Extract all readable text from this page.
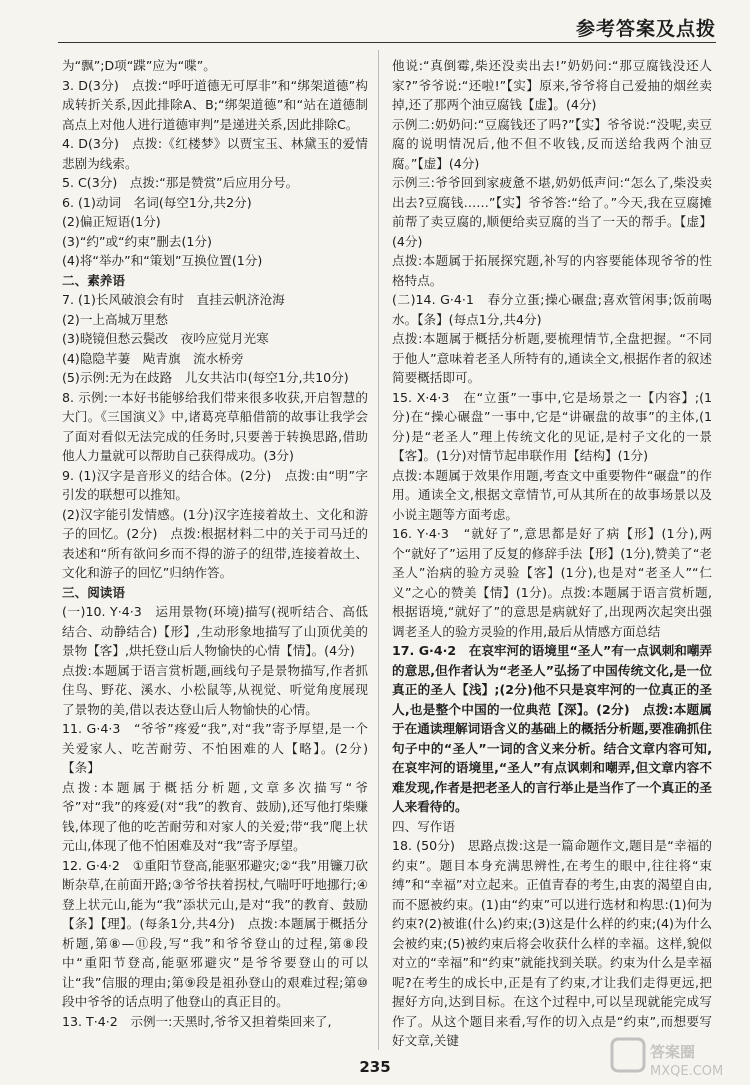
参考答案及点拨

为“飘”;D项“蹀”应为“喋”。

3. D(3分)　点拨:“呼吁道德无可厚非”和“绑架道德”构成转折关系,因此排除A、B;“绑架道德”和“站在道德制高点上对他人进行道德审判”是递进关系,因此排除C。

4. D(3分)　点拨:《红楼梦》以贾宝玉、林黛玉的爱情悲剧为线索。

5. C(3分)　点拨:“那是赞赏”后应用分号。

6. (1)动词　名词(每空1分,共2分)

(2)偏正短语(1分)

(3)“约”或“约束”删去(1分)

(4)将“举办”和“策划”互换位置(1分)

二、素养语

7. (1)长风破浪会有时　直挂云帆济沧海

(2)一上高城万里愁

(3)晓镜但愁云鬓改　夜吟应觉月光寒

(4)隐隐芊萋　飐青旗　流水桥旁

(5)示例:无为在歧路　儿女共沾巾(每空1分,共10分)

8. 示例:一本好书能够给我们带来很多收获,开启智慧的大门。《三国演义》中,诸葛亮草船借箭的故事让我学会了面对看似无法完成的任务时,只要善于转换思路,借助他人力量就可以帮助自己获得成功。(3分)

9. (1)汉字是音形义的结合体。(2分)　点拨:由“明”字引发的联想可以推知。

(2)汉字能引发情感。(1分)汉字连接着故土、文化和游子的回忆。(2分)　点拨:根据材料二中的关于司马迁的表述和“所有欲问乡而不得的游子的纽带,连接着故土、文化和游子的回忆”归纳作答。

三、阅读语

(一)10. Y·4·3　运用景物(环境)描写(视听结合、高低结合、动静结合)【形】,生动形象地描写了山顶优美的景物【客】,烘托登山后人物愉快的心情【情】。(4分)

点拨:本题属于语言赏析题,画线句子是景物描写,作者抓住鸟、野花、溪水、小松鼠等,从视觉、听觉角度展现了景物的美,借以表达登山后人物愉快的心情。

11. G·4·3　“爷爷”疼爱“我”,对“我”寄予厚望,是一个关爱家人、吃苦耐劳、不怕困难的人【略】。(2分)【条】

点拨:本题属于概括分析题,文章多次描写“爷爷”对“我”的疼爱(对“我”的教育、鼓励),还写他打柴赚钱,体现了他的吃苦耐劳和对家人的关爱;带“我”爬上状元山,体现了他不怕困难及对“我”寄予厚望。

12. G·4·2　①重阳节登高,能驱邪避灾;②“我”用镰刀砍断杂草,在前面开路;③爷爷扶着拐杖,气喘吁吁地挪行;④登上状元山,能为“我”添状元山,是对“我”的教育、鼓励【条】【理】。(每条1分,共4分)　点拨:本题属于概括分析题,第⑧—⑪段,写“我”和爷爷登山的过程,第⑧段中“重阳节登高,能驱邪避灾”是爷爷要登山的可以让“我”信服的理由;第⑨段是祖孙登山的艰难过程;第⑩段中爷爷的话点明了他登山的真正目的。

13. T·4·2　示例一:天黑时,爷爷又担着柴回来了,

他说:“真倒霉,柴还没卖出去!”奶奶问:“那豆腐钱没还人家?”爷爷说:“还啦!”【实】原来,爷爷将自己爱抽的烟丝卖掉,还了那两个油豆腐钱【虚】。(4分)

示例二:奶奶问:“豆腐钱还了吗?”【实】爷爷说:“没呢,卖豆腐的说明情况后,他不但不收钱,反而送给我两个油豆腐。”【虚】(4分)

示例三:爷爷回到家疲惫不堪,奶奶低声问:“怎么了,柴没卖出去?豆腐钱……”【实】爷爷答:“给了。”今天,我在豆腐摊前帮了卖豆腐的,顺便给卖豆腐的当了一天的帮手。【虚】(4分)

点拨:本题属于拓展探究题,补写的内容要能体现爷爷的性格特点。

(二)14. G·4·1　春分立蛋;操心碾盘;喜欢管闲事;饭前喝水。【条】(每点1分,共4分)

点拨:本题属于概括分析题,要梳理情节,全盘把握。“不同于他人”意味着老圣人所特有的,通读全文,根据作者的叙述简要概括即可。

15. X·4·3　在“立蛋”一事中,它是场景之一【内容】;(1分)在“操心碾盘”一事中,它是“讲碾盘的故事”的主体,(1分)是“老圣人”理上传统文化的见证,是村子文化的一景【客】。(1分)对情节起串联作用【结构】(1分)

点拨:本题属于效果作用题,考查文中重要物件“碾盘”的作用。通读全文,根据文章情节,可从其所在的故事场景以及小说主题等方面考虑。

16. Y·4·3　“就好了”,意思都是好了病【形】(1分),两个“就好了”运用了反复的修辞手法【形】(1分),赞美了“老圣人”治病的验方灵验【客】(1分),也是对“老圣人”“仁义”之心的赞美【情】(1分)。点拨:本题属于语言赏析题,根据语境,“就好了”的意思是病就好了,出现两次起突出强调老圣人的验方灵验的作用,最后从情感方面总结

17. G·4·2　在哀牢河的语境里“圣人”有一点讽刺和嘲弄的意思,但作者认为“老圣人”弘扬了中国传统文化,是一位真正的圣人【浅】;(2分)他不只是哀牢河的一位真正的圣人,也是整个中国的一位典范【深】。(2分)　点拨:本题属于在通读理解词语含义的基础上的概括分析题,要准确抓住句子中的“圣人”一词的含义来分析。结合文章内容可知,在哀牢河的语境里,“圣人”有点讽刺和嘲弄,但文章内容不难发现,作者是把老圣人的言行举止是当作了一个真正的圣人来看待的。

四、写作语

18. (50分)　思路点拨:这是一篇命题作文,题目是“幸福的约束”。题目本身充满思辨性,在考生的眼中,往往将“束缚”和“幸福”对立起来。正值青春的考生,由衷的渴望自由,而不愿被约束。(1)由“约束”可以进行选材和构思:(1)何为约束?(2)被谁(什么)约束;(3)这是什么样的约束;(4)为什么会被约束;(5)被约束后将会收获什么样的幸福。这样,貌似对立的“幸福”和“约束”就能找到关联。约束为什么是幸福呢?在考生的成长中,正是有了约束,才让我们走得更远,把握好方向,达到目标。在这个过程中,可以呈现就能完成写作了。从这个题目来看,写作的切入点是“约束”,而想要写好文章,关键

235
答案圈
MXQE.COM
